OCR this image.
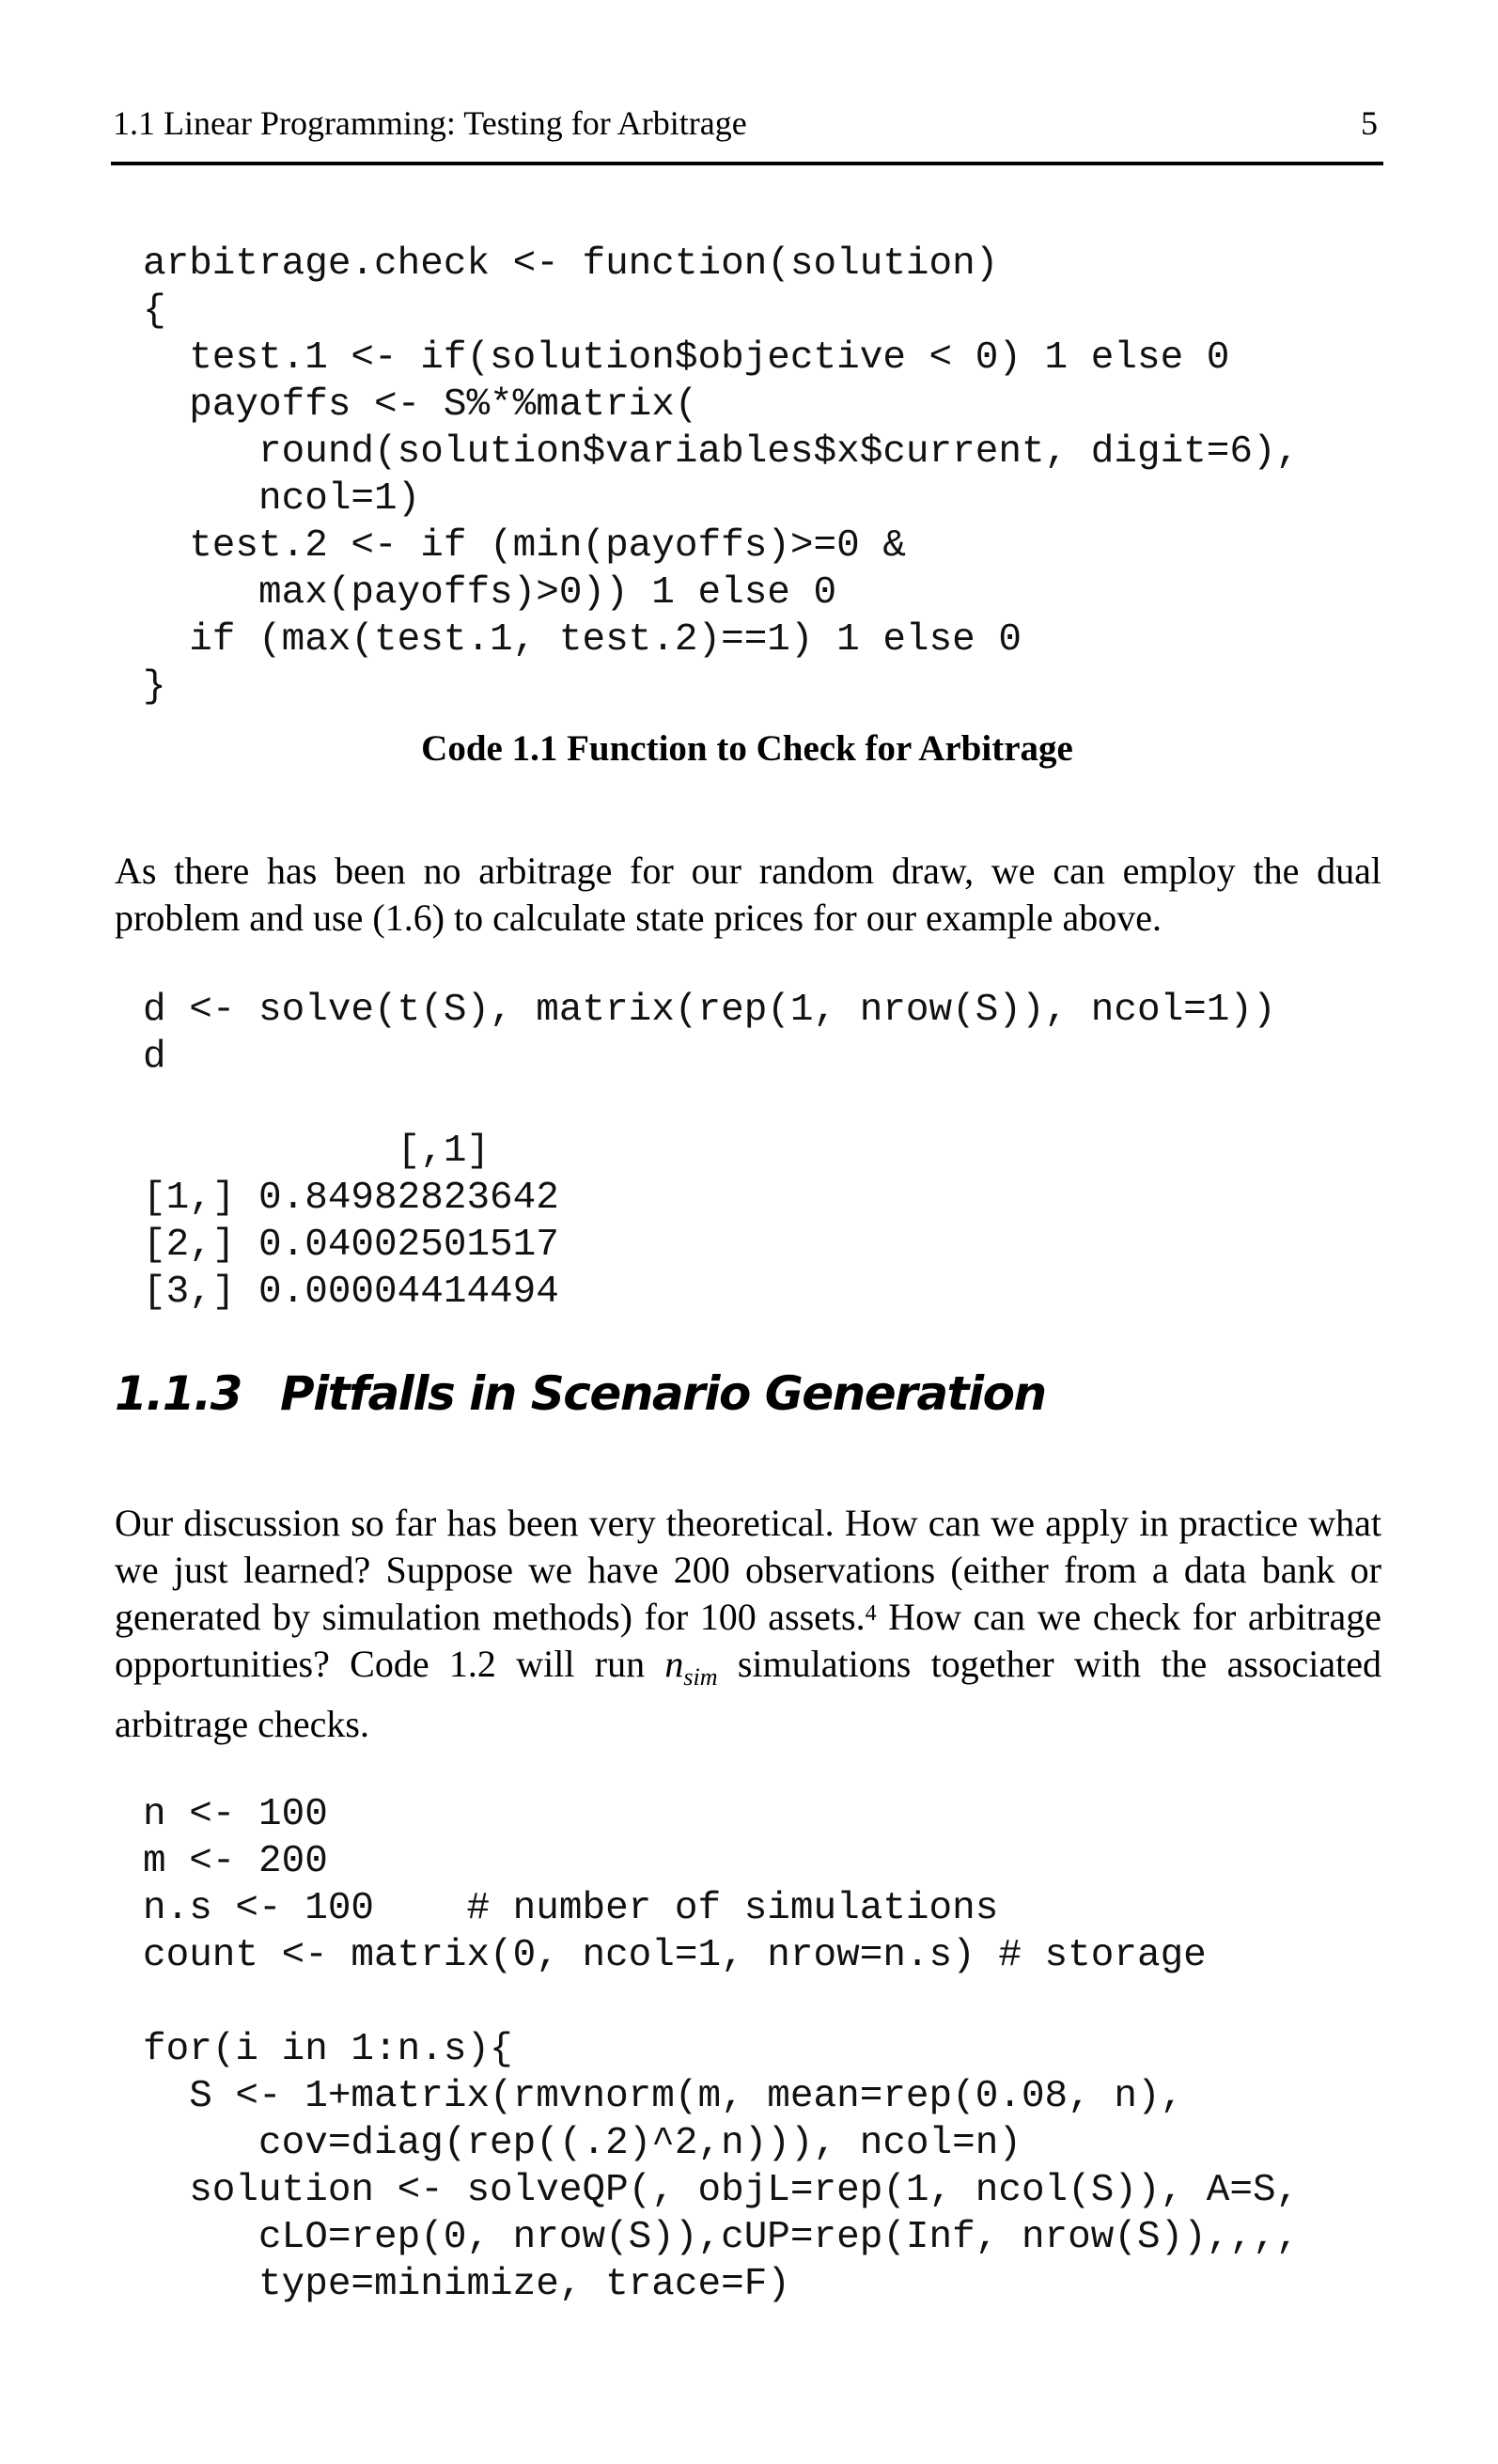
1.1 Linear Programming: Testing for Arbitrage	5
arbitrage.check <- function(solution)
{
test.1 <- if(solution$objective < 0) 1 else 0
payoffs <- S%*%matrix(
round(solution$variables$x$current, digit=6),
ncol=1)
test.2 <- if (min(payoffs)>=0 &
max(payoffs)>0)) 1 else 0
if (max(test.1, test.2)==1) 1 else 0
}
Code 1.1 Function to Check for Arbitrage

As there has been no arbitrage for our random draw, we can employ the dual problem and use (1.6) to calculate state prices for our example above.

d <- solve(t(S), matrix(rep(1, nrow(S)), ncol=1))
d

[,1]
[1,] 0.84982823642
[2,] 0.04002501517
[3,] 0.00004414494
1.1.3 Pitfalls in Scenario Generation

Our discussion so far has been very theoretical. How can we apply in practice what we just learned? Suppose we have 200 observations (either from a data bank or generated by simulation methods) for 100 assets.$^4$ How can we check for arbitrage opportunities? Code 1.2 will run $n_{sim}$ simulations together with the associated arbitrage checks.

n <- 100
m <- 200
n.s <- 100    # number of simulations
count <- matrix(0, ncol=1, nrow=n.s) # storage

for(i in 1:n.s){
S <- 1+matrix(rmvnorm(m, mean=rep(0.08, n),
cov=diag(rep((.2)^2,n))), ncol=n)
solution <- solveQP(, objL=rep(1, ncol(S)), A=S,
cLO=rep(0, nrow(S)),cUP=rep(Inf, nrow(S)),,,,
type=minimize, trace=F)
